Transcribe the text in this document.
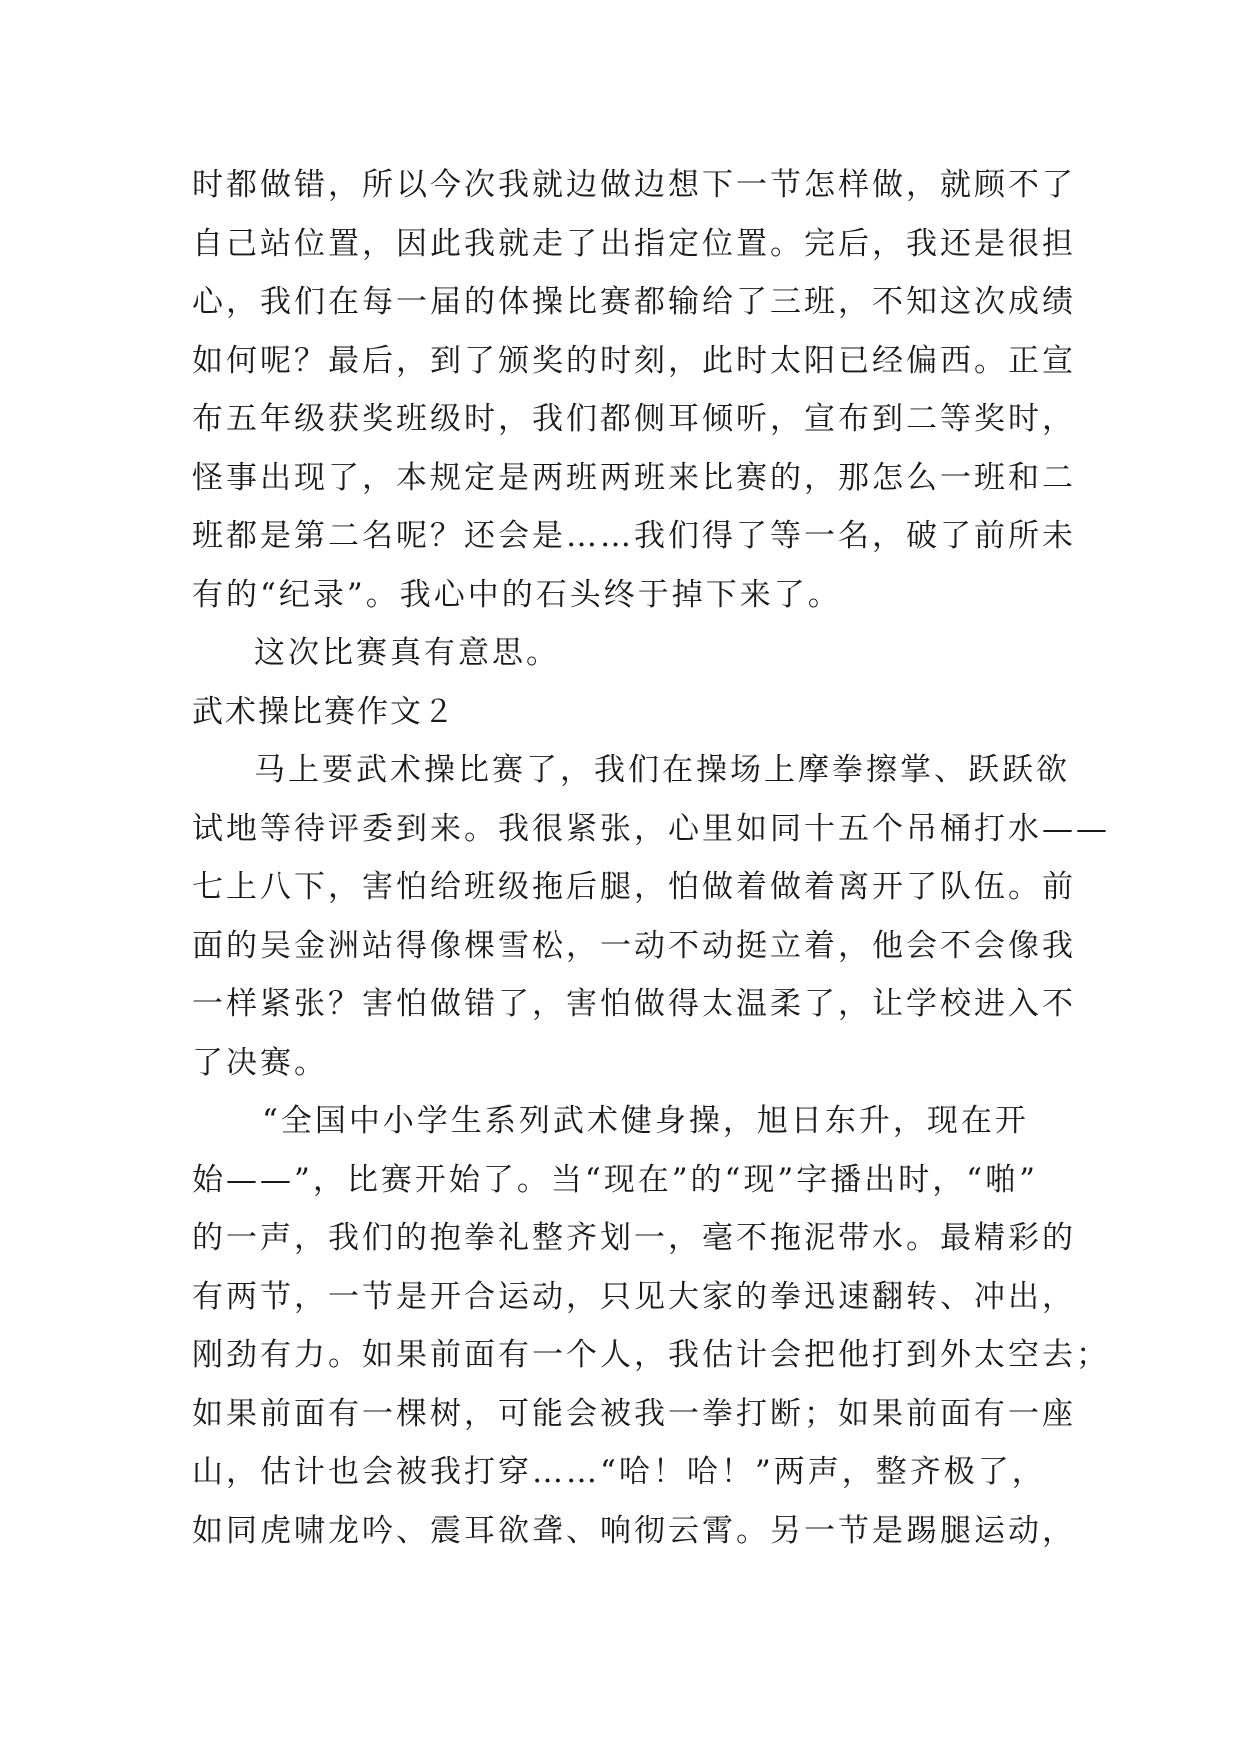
时都做错，所以今次我就边做边想下一节怎样做，就顾不了
自己站位置，因此我就走了出指定位置。完后，我还是很担
心，我们在每一届的体操比赛都输给了三班，不知这次成绩
如何呢？最后，到了颁奖的时刻，此时太阳已经偏西。正宣
布五年级获奖班级时，我们都侧耳倾听，宣布到二等奖时，
怪事出现了，本规定是两班两班来比赛的，那怎么一班和二
班都是第二名呢？还会是……我们得了等一名，破了前所未
有的“纪录”。我心中的石头终于掉下来了。
这次比赛真有意思。
武术操比赛作文２
马上要武术操比赛了，我们在操场上摩拳擦掌、跃跃欲
试地等待评委到来。我很紧张，心里如同十五个吊桶打水——
七上八下，害怕给班级拖后腿，怕做着做着离开了队伍。前
面的吴金洲站得像棵雪松，一动不动挺立着，他会不会像我
一样紧张？害怕做错了，害怕做得太温柔了，让学校进入不
了决赛。
“全国中小学生系列武术健身操，旭日东升，现在开
始——”，比赛开始了。当“现在”的“现”字播出时，“啪”
的一声，我们的抱拳礼整齐划一，毫不拖泥带水。最精彩的
有两节，一节是开合运动，只见大家的拳迅速翻转、冲出，
刚劲有力。如果前面有一个人，我估计会把他打到外太空去；
如果前面有一棵树，可能会被我一拳打断；如果前面有一座
山，估计也会被我打穿……“哈！哈！”两声，整齐极了，
如同虎啸龙吟、震耳欲聋、响彻云霄。另一节是踢腿运动，
